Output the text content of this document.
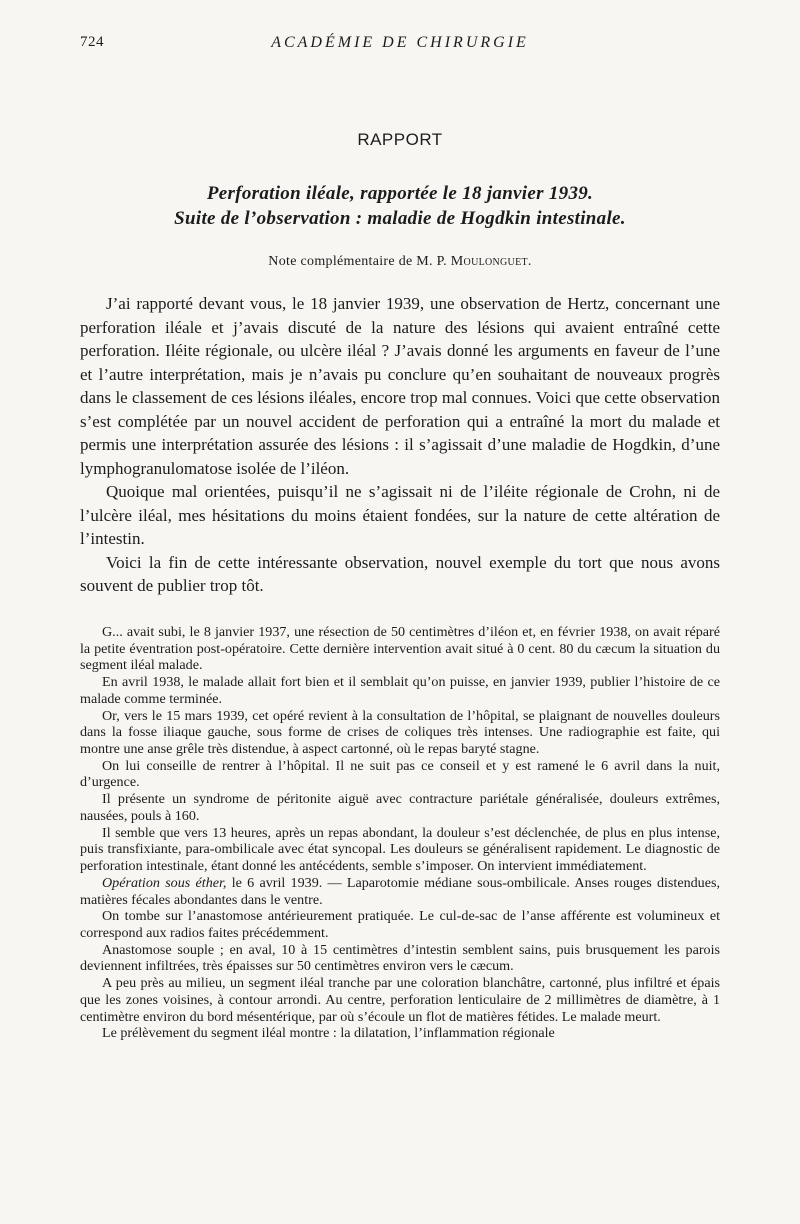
724	ACADÉMIE DE CHIRURGIE
RAPPORT
Perforation iléale, rapportée le 18 janvier 1939.
Suite de l’observation : maladie de Hogdkin intestinale.
Note complémentaire de M. P. Moulonguet.

J’ai rapporté devant vous, le 18 janvier 1939, une observation de Hertz, concernant une perforation iléale et j’avais discuté de la nature des lésions qui avaient entraîné cette perforation. Iléite régionale, ou ulcère iléal ? J’avais donné les arguments en faveur de l’une et l’autre interprétation, mais je n’avais pu conclure qu’en souhaitant de nouveaux progrès dans le classement de ces lésions iléales, encore trop mal connues. Voici que cette observation s’est complétée par un nouvel accident de perforation qui a entraîné la mort du malade et permis une interprétation assurée des lésions : il s’agissait d’une maladie de Hogdkin, d’une lymphogranulomatose isolée de l’iléon.

Quoique mal orientées, puisqu’il ne s’agissait ni de l’iléite régionale de Crohn, ni de l’ulcère iléal, mes hésitations du moins étaient fondées, sur la nature de cette altération de l’intestin.

Voici la fin de cette intéressante observation, nouvel exemple du tort que nous avons souvent de publier trop tôt.

G... avait subi, le 8 janvier 1937, une résection de 50 centimètres d’iléon et, en février 1938, on avait réparé la petite éventration post-opératoire. Cette dernière intervention avait situé à 0 cent. 80 du cæcum la situation du segment iléal malade.

En avril 1938, le malade allait fort bien et il semblait qu’on puisse, en janvier 1939, publier l’histoire de ce malade comme terminée.

Or, vers le 15 mars 1939, cet opéré revient à la consultation de l’hôpital, se plaignant de nouvelles douleurs dans la fosse iliaque gauche, sous forme de crises de coliques très intenses. Une radiographie est faite, qui montre une anse grêle très distendue, à aspect cartonné, où le repas baryté stagne.

On lui conseille de rentrer à l’hôpital. Il ne suit pas ce conseil et y est ramené le 6 avril dans la nuit, d’urgence.

Il présente un syndrome de péritonite aiguë avec contracture pariétale généralisée, douleurs extrêmes, nausées, pouls à 160.

Il semble que vers 13 heures, après un repas abondant, la douleur s’est déclenchée, de plus en plus intense, puis transfixiante, para-ombilicale avec état syncopal. Les douleurs se généralisent rapidement. Le diagnostic de perforation intestinale, étant donné les antécédents, semble s’imposer. On intervient immédiatement.

Opération sous éther, le 6 avril 1939. — Laparotomie médiane sous-ombilicale. Anses rouges distendues, matières fécales abondantes dans le ventre.

On tombe sur l’anastomose antérieurement pratiquée. Le cul-de-sac de l’anse afférente est volumineux et correspond aux radios faites précédemment.

Anastomose souple ; en aval, 10 à 15 centimètres d’intestin semblent sains, puis brusquement les parois deviennent infiltrées, très épaisses sur 50 centimètres environ vers le cæcum.

A peu près au milieu, un segment iléal tranche par une coloration blanchâtre, cartonné, plus infiltré et épais que les zones voisines, à contour arrondi. Au centre, perforation lenticulaire de 2 millimètres de diamètre, à 1 centimètre environ du bord mésentérique, par où s’écoule un flot de matières fétides. Le malade meurt.

Le prélèvement du segment iléal montre : la dilatation, l’inflammation régionale
